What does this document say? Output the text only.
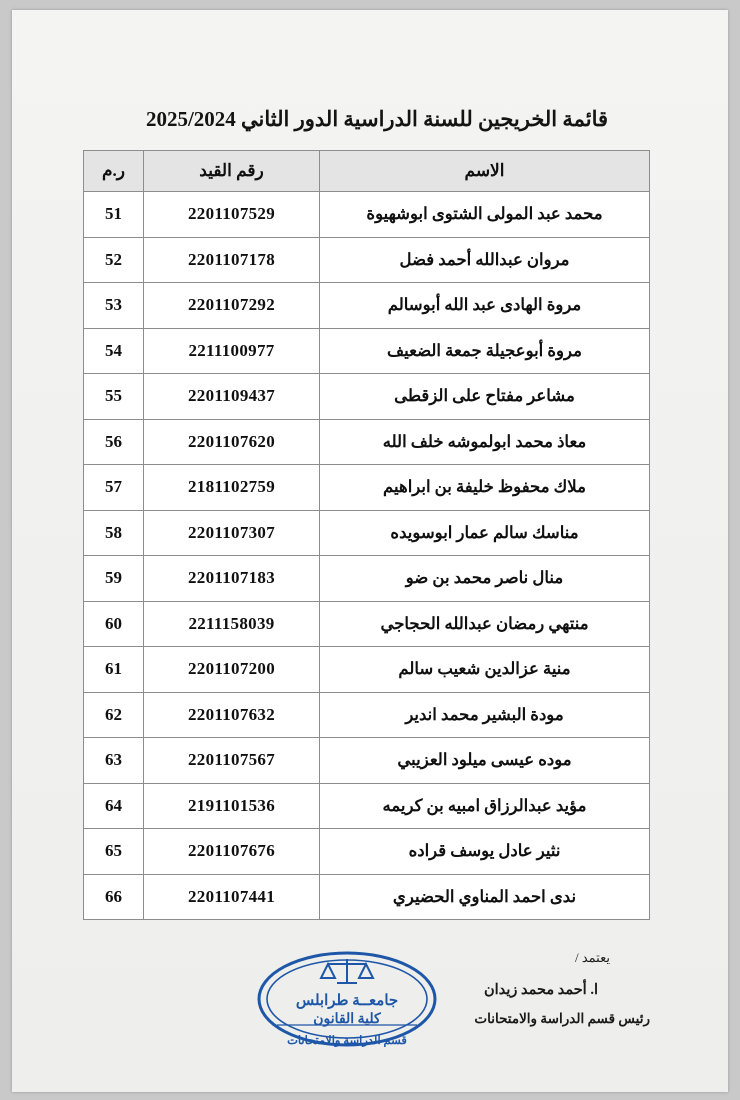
قائمة الخريجين للسنة الدراسية الدور الثاني 2025/2024
الاسم	رقم القيد	ر.م
محمد عبد المولى الشتوى ابوشهيوة	2201107529	51
مروان عبدالله أحمد فضل	2201107178	52
مروة الهادى عبد الله أبوسالم	2201107292	53
مروة أبوعجيلة جمعة الضعيف	2211100977	54
مشاعر مفتاح على الزقطى	2201109437	55
معاذ محمد ابولموشه خلف الله	2201107620	56
ملاك محفوظ خليفة بن ابراهيم	2181102759	57
مناسك سالم عمار ابوسويده	2201107307	58
منال ناصر محمد بن ضو	2201107183	59
منتهي رمضان عبدالله الحجاجي	2211158039	60
منية عزالدين شعيب سالم	2201107200	61
مودة البشير محمد اندير	2201107632	62
موده عيسى ميلود العزيبي	2201107567	63
مؤيد عبدالرزاق امبيه بن كريمه	2191101536	64
نثير عادل يوسف قراده	2201107676	65
ندى احمد المناوي الحضيري	2201107441	66
يعتمد /
ا. أحمد محمد زيدان
رئيس قسم الدراسة والامتحانات
جامعــة طرابلس
كلية القانون
قسم الدراسة والامتحانات
